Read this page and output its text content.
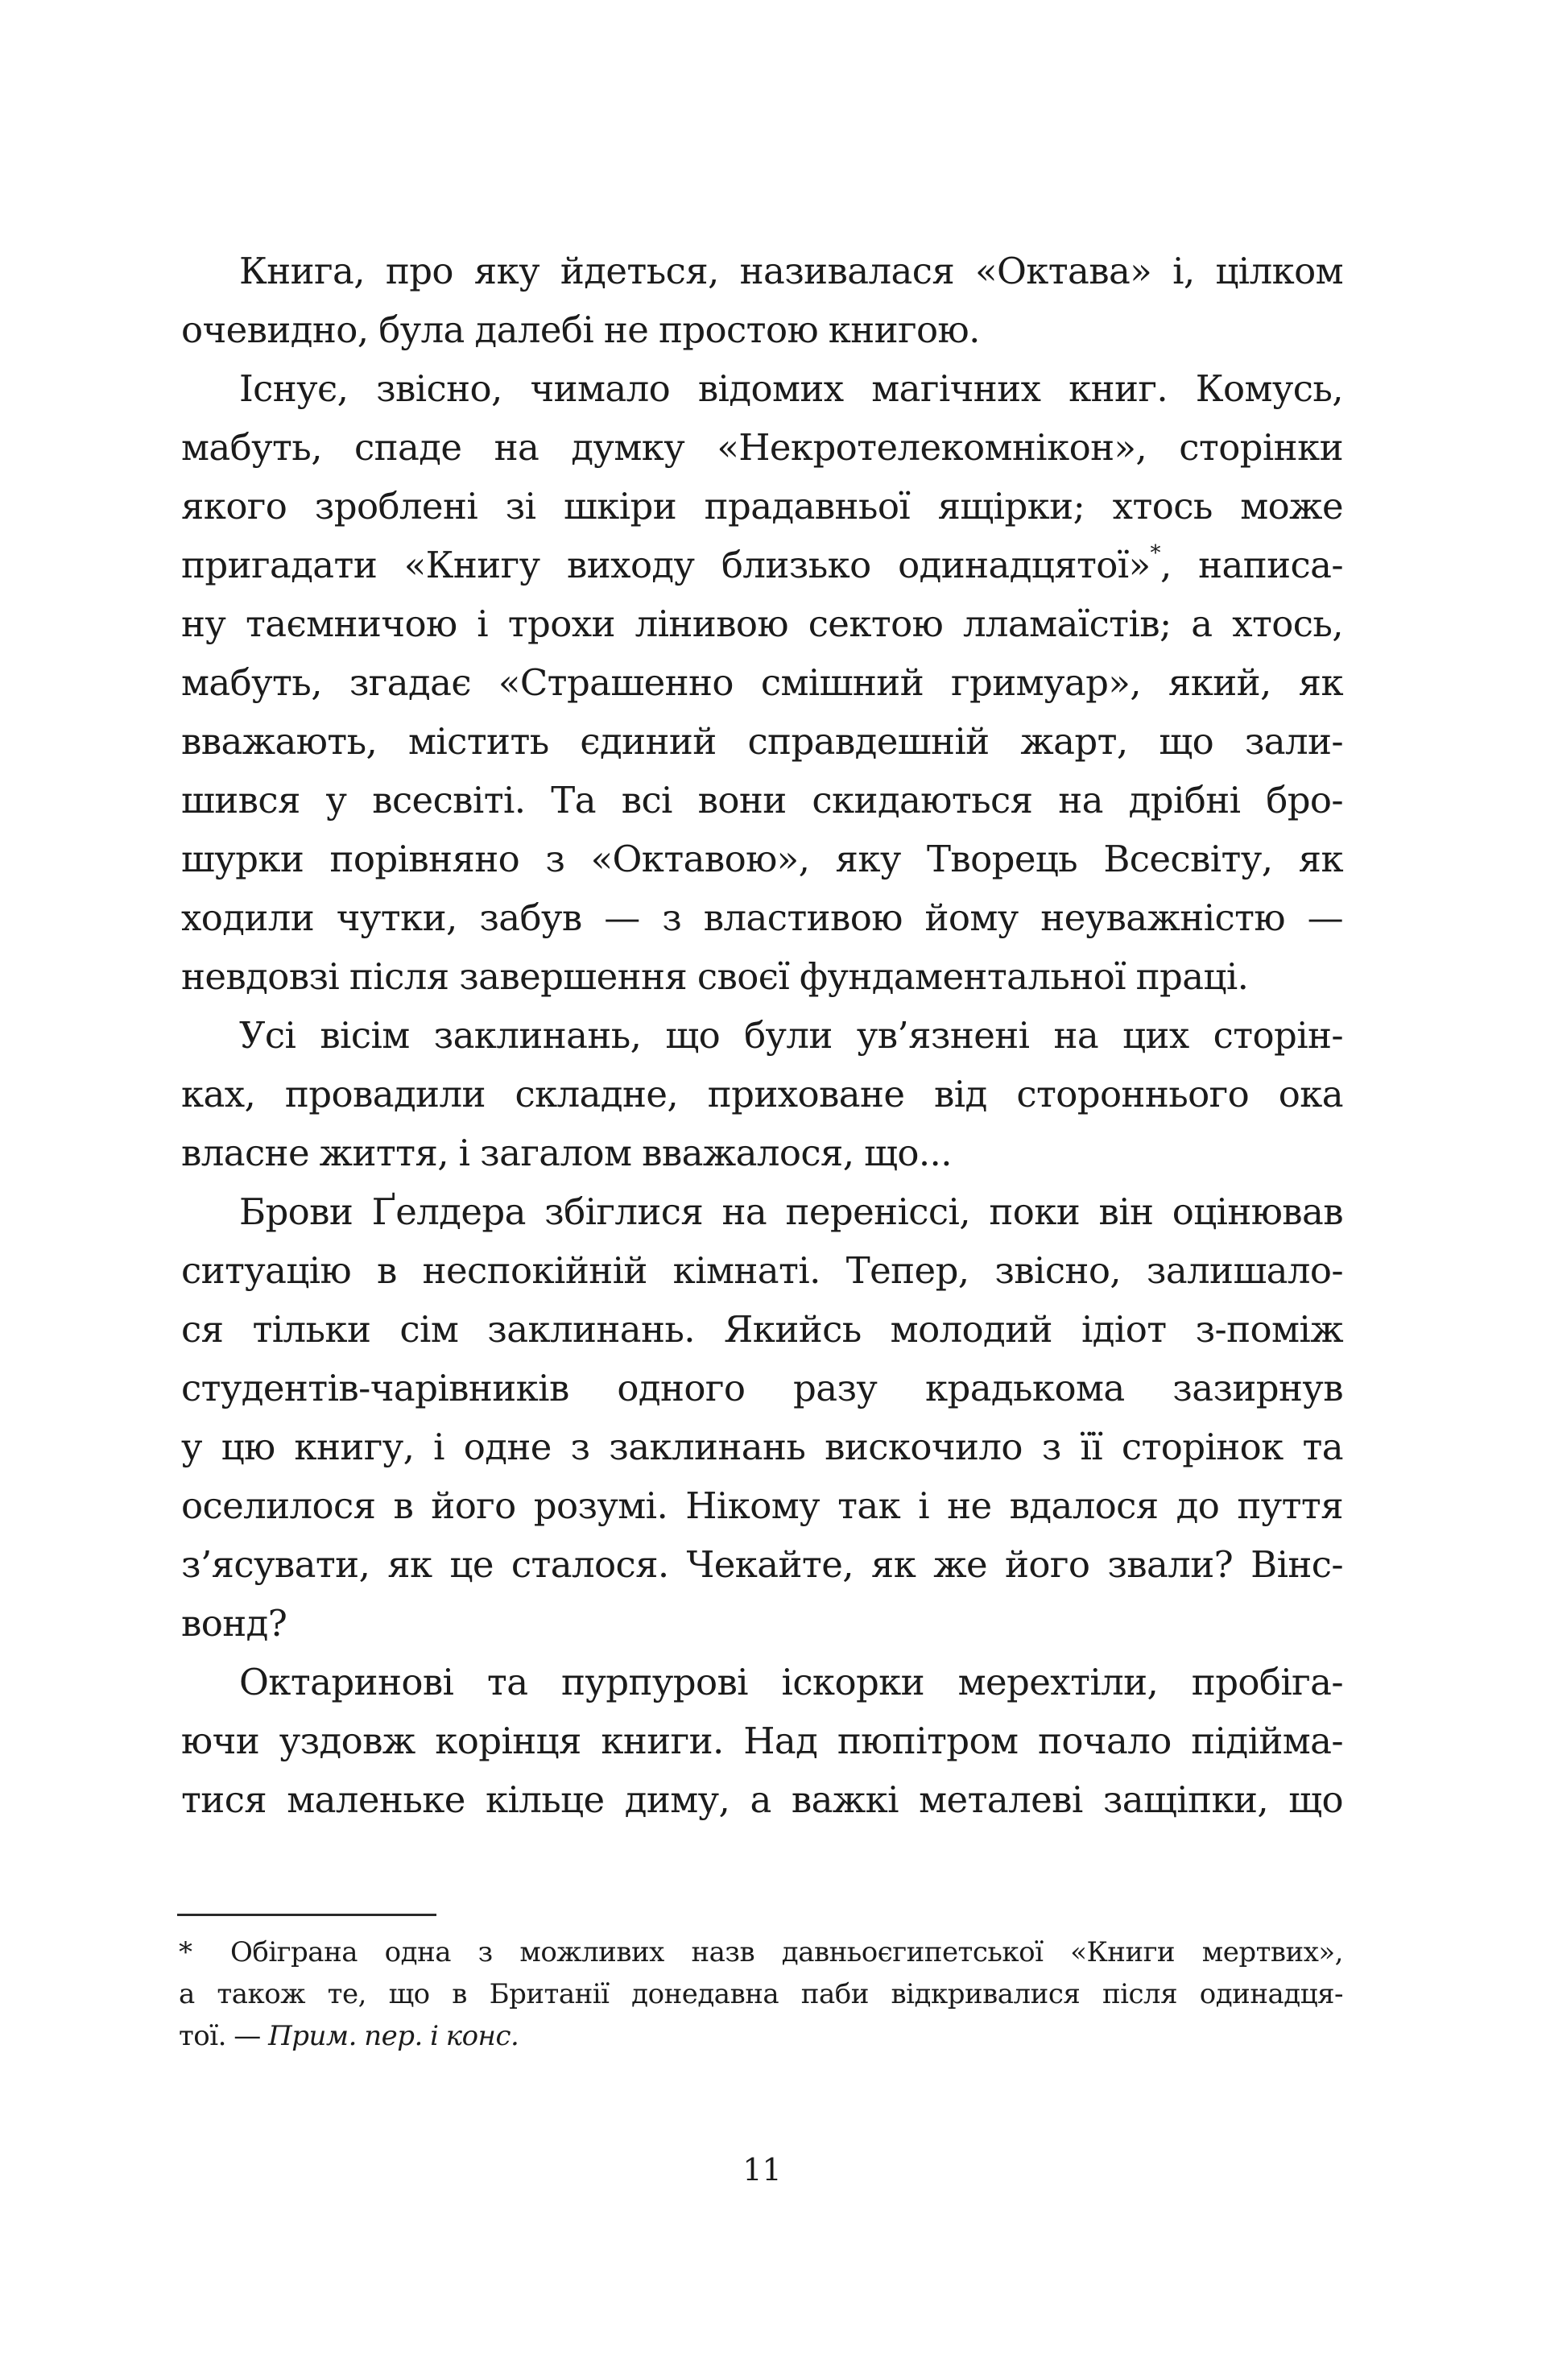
Книга, про яку йдеться, називалася «Октава» і, цілком
очевидно, була далебі не простою книгою.
Існує, звісно, чимало відомих магічних книг. Комусь,
мабуть, спаде на думку «Некротелекомнікон», сторінки
якого зроблені зі шкіри прадавньої ящірки; хтось може
пригадати «Книгу виходу близько одинадцятої»*, написа-
ну таємничою і трохи лінивою сектою лламаїстів; а хтось,
мабуть, згадає «Страшенно смішний гримуар», який, як
вважають, містить єдиний справдешній жарт, що зали-
шився у всесвіті. Та всі вони скидаються на дрібні бро-
шурки порівняно з «Октавою», яку Творець Всесвіту, як
ходили чутки, забув — з властивою йому неуважністю —
невдовзі після завершення своєї фундаментальної праці.
Усі вісім заклинань, що були ув’язнені на цих сторін-
ках, провадили складне, приховане від стороннього ока
власне життя, і загалом вважалося, що...
Брови Ґелдера збіглися на переніссі, поки він оцінював
ситуацію в неспокійній кімнаті. Тепер, звісно, залишало-
ся тільки сім заклинань. Якийсь молодий ідіот з-поміж
студентів-чарівників одного разу крадькома зазирнув
у цю книгу, і одне з заклинань вискочило з її сторінок та
оселилося в його розумі. Нікому так і не вдалося до пуття
з’ясувати, як це сталося. Чекайте, як же його звали? Вінс-
вонд?
Октаринові та пурпурові іскорки мерехтіли, пробіга-
ючи уздовж корінця книги. Над пюпітром почало підійма-
тися маленьке кільце диму, а важкі металеві защіпки, що
* Обіграна одна з можливих назв давньоєгипетської «Книги мертвих»,
а також те, що в Британії донедавна паби відкривалися після одинадця-
тої. — Прим. пер. і конс.
11
